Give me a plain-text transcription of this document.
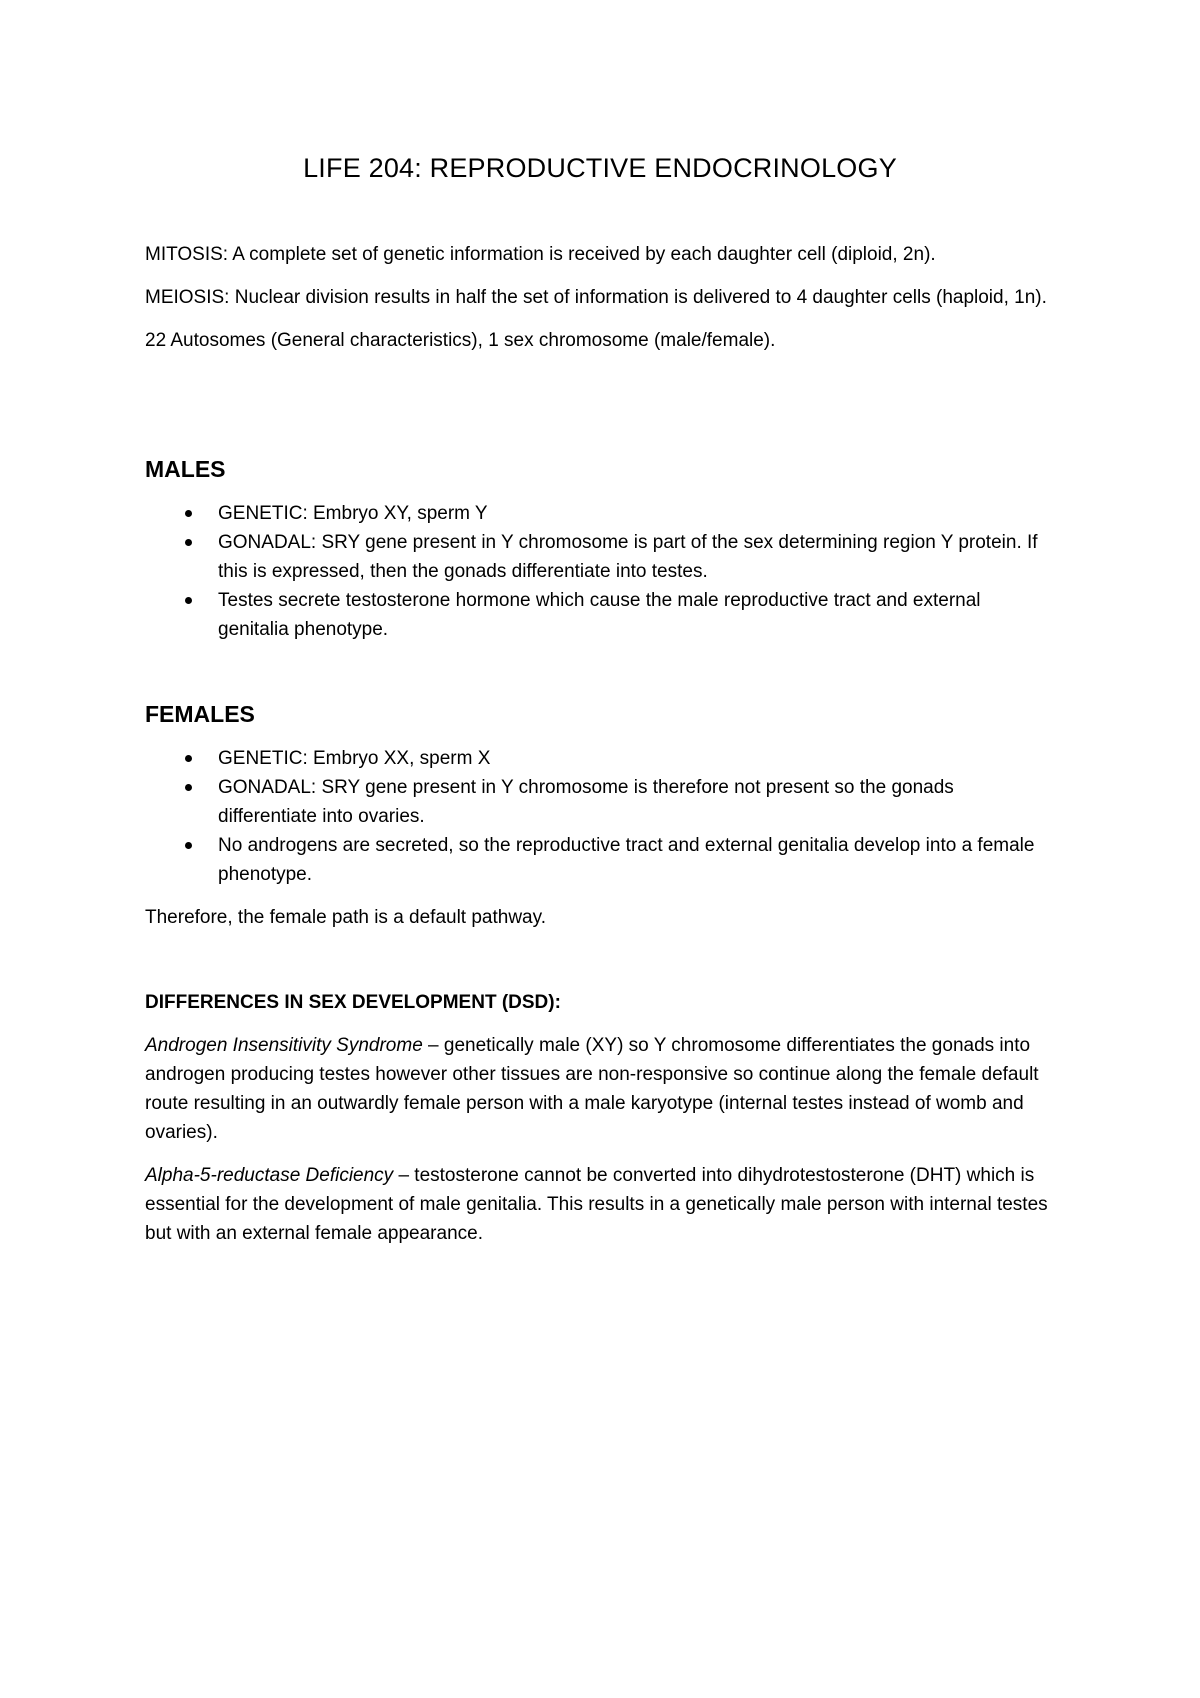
LIFE 204: REPRODUCTIVE ENDOCRINOLOGY

MITOSIS: A complete set of genetic information is received by each daughter cell (diploid, 2n).

MEIOSIS: Nuclear division results in half the set of information is delivered to 4 daughter cells (haploid, 1n).

22 Autosomes (General characteristics), 1 sex chromosome (male/female).

MALES
GENETIC: Embryo XY, sperm Y
GONADAL: SRY gene present in Y chromosome is part of the sex determining region Y protein. If this is expressed, then the gonads differentiate into testes.
Testes secrete testosterone hormone which cause the male reproductive tract and external genitalia phenotype.
FEMALES
GENETIC: Embryo XX, sperm X
GONADAL: SRY gene present in Y chromosome is therefore not present so the gonads differentiate into ovaries.
No androgens are secreted, so the reproductive tract and external genitalia develop into a female phenotype.

Therefore, the female path is a default pathway.

DIFFERENCES IN SEX DEVELOPMENT (DSD):

Androgen Insensitivity Syndrome – genetically male (XY) so Y chromosome differentiates the gonads into androgen producing testes however other tissues are non-responsive so continue along the female default route resulting in an outwardly female person with a male karyotype (internal testes instead of womb and ovaries).

Alpha-5-reductase Deficiency – testosterone cannot be converted into dihydrotestosterone (DHT) which is essential for the development of male genitalia. This results in a genetically male person with internal testes but with an external female appearance.
